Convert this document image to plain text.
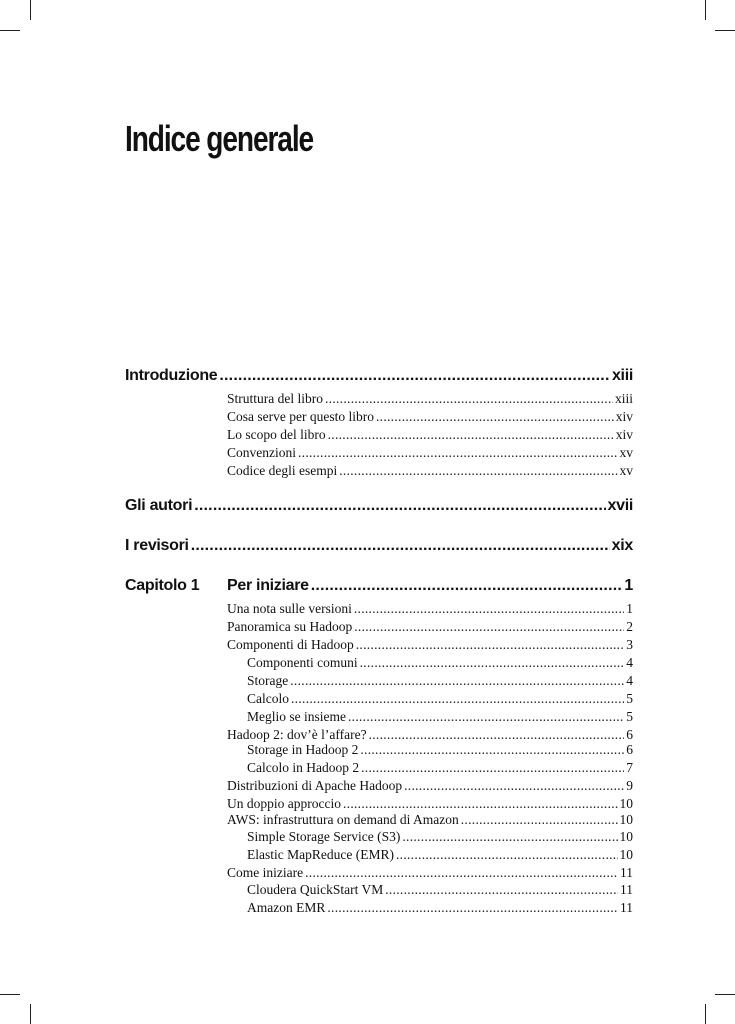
Indice generale
Introduzione .....	xiii
Struttura del libro .....	xiii
Cosa serve per questo libro .....	xiv
Lo scopo del libro .....	xiv
Convenzioni .....	xv
Codice degli esempi .....	xv
Gli autori .....	xvii
I revisori .....	xix
Capitolo 1 Per iniziare .....	1
Una nota sulle versioni .....	1
Panoramica su Hadoop .....	2
Componenti di Hadoop .....	3
Componenti comuni .....	4
Storage .....	4
Calcolo .....	5
Meglio se insieme .....	5
Hadoop 2: dov’è l’affare? .....	6
Storage in Hadoop 2 .....	6
Calcolo in Hadoop 2 .....	7
Distribuzioni di Apache Hadoop .....	9
Un doppio approccio .....	10
AWS: infrastruttura on demand di Amazon .....	10
Simple Storage Service (S3) .....	10
Elastic MapReduce (EMR) .....	10
Come iniziare .....	11
Cloudera QuickStart VM .....	11
Amazon EMR .....	11
